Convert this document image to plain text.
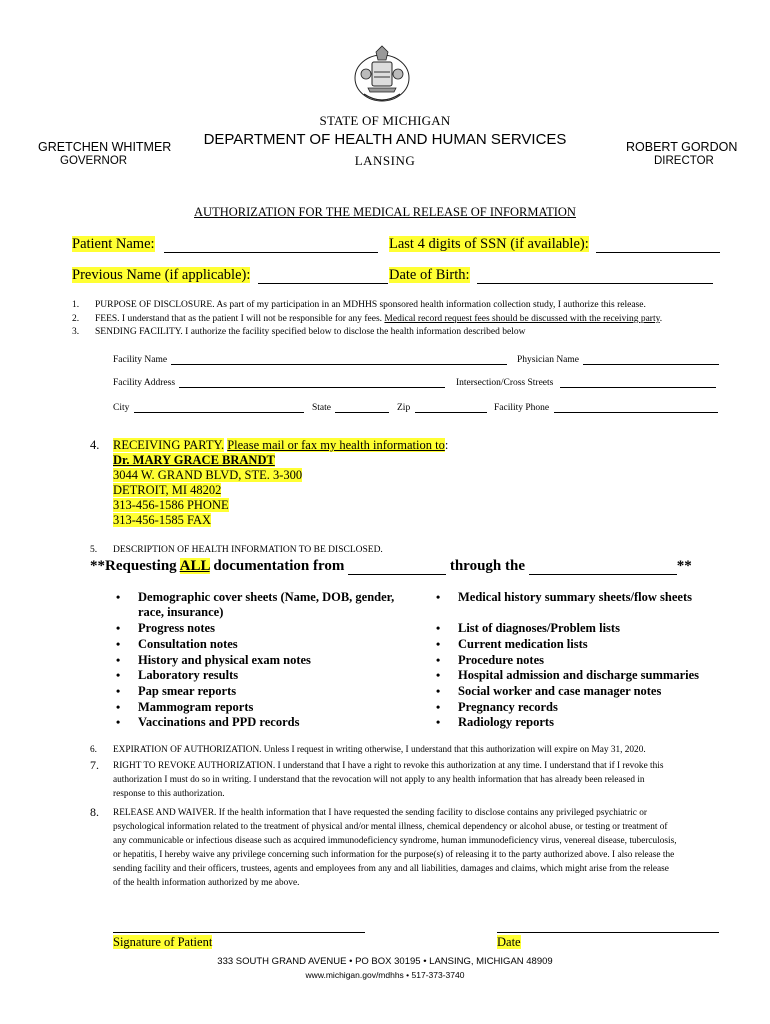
STATE OF MICHIGAN
DEPARTMENT OF HEALTH AND HUMAN SERVICES
LANSING
GRETCHEN WHITMER
GOVERNOR
ROBERT GORDON
DIRECTOR
AUTHORIZATION FOR THE MEDICAL RELEASE OF INFORMATION
Patient Name:	Last 4 digits of SSN (if available):
Previous Name (if applicable):	Date of Birth:
1. PURPOSE OF DISCLOSURE. As part of my participation in an MDHHS sponsored health information collection study, I authorize this release.
2. FEES. I understand that as the patient I will not be responsible for any fees. Medical record request fees should be discussed with the receiving party.
3. SENDING FACILITY. I authorize the facility specified below to disclose the health information described below
Facility Name	Physician Name
Facility Address	Intersection/Cross Streets
City	State	Zip	Facility Phone
4. RECEIVING PARTY. Please mail or fax my health information to:
Dr. MARY GRACE BRANDT
3044 W. GRAND BLVD, STE. 3-300
DETROIT, MI 48202
313-456-1586 PHONE
313-456-1585 FAX
5. DESCRIPTION OF HEALTH INFORMATION TO BE DISCLOSED.
**Requesting ALL documentation from	through the	**
• Demographic cover sheets (Name, DOB, gender,
race, insurance)
• Progress notes
• Consultation notes
• History and physical exam notes
• Laboratory results
• Pap smear reports
• Mammogram reports
• Vaccinations and PPD records
• Medical history summary sheets/flow sheets
• List of diagnoses/Problem lists
• Current medication lists
• Procedure notes
• Hospital admission and discharge summaries
• Social worker and case manager notes
• Pregnancy records
• Radiology reports
6. EXPIRATION OF AUTHORIZATION. Unless I request in writing otherwise, I understand that this authorization will expire on May 31, 2020.
7. RIGHT TO REVOKE AUTHORIZATION. I understand that I have a right to revoke this authorization at any time. I understand that if I revoke this
authorization I must do so in writing. I understand that the revocation will not apply to any health information that has already been released in
response to this authorization.
8. RELEASE AND WAIVER. If the health information that I have requested the sending facility to disclose contains any privileged psychiatric or
psychological information related to the treatment of physical and/or mental illness, chemical dependency or alcohol abuse, or testing or treatment of
any communicable or infectious disease such as acquired immunodeficiency syndrome, human immunodeficiency virus, venereal disease, tuberculosis,
or hepatitis, I hereby waive any privilege concerning such information for the purpose(s) of releasing it to the party authorized above. I also release the
sending facility and their officers, trustees, agents and employees from any and all liabilities, damages and claims, which might arise from the release
of the health information authorized by me above.
Signature of Patient	Date
333 SOUTH GRAND AVENUE • PO BOX 30195 • LANSING, MICHIGAN 48909
www.michigan.gov/mdhhs • 517-373-3740
